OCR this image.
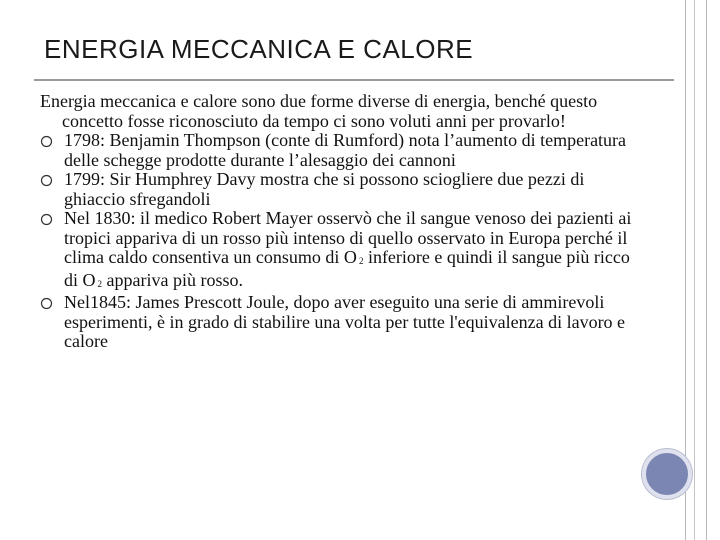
ENERGIA MECCANICA E CALORE

Energia meccanica e calore sono due forme diverse di energia, benché questo concetto fosse riconosciuto da tempo ci sono voluti anni per provarlo!

1798: Benjamin Thompson (conte di Rumford) nota l’aumento di temperatura delle schegge prodotte durante l’alesaggio dei cannoni
1799: Sir Humphrey Davy mostra che si possono sciogliere due pezzi di ghiaccio sfregandoli
Nel 1830: il medico Robert Mayer osservò che il sangue venoso dei pazienti ai tropici appariva di un rosso più intenso di quello osservato in Europa perché il clima caldo consentiva un consumo di O 2 inferiore e quindi il sangue più ricco di O 2 appariva più rosso.
Nel1845: James Prescott Joule, dopo aver eseguito una serie di ammirevoli esperimenti, è in grado di stabilire una volta per tutte l'equivalenza di lavoro e calore
